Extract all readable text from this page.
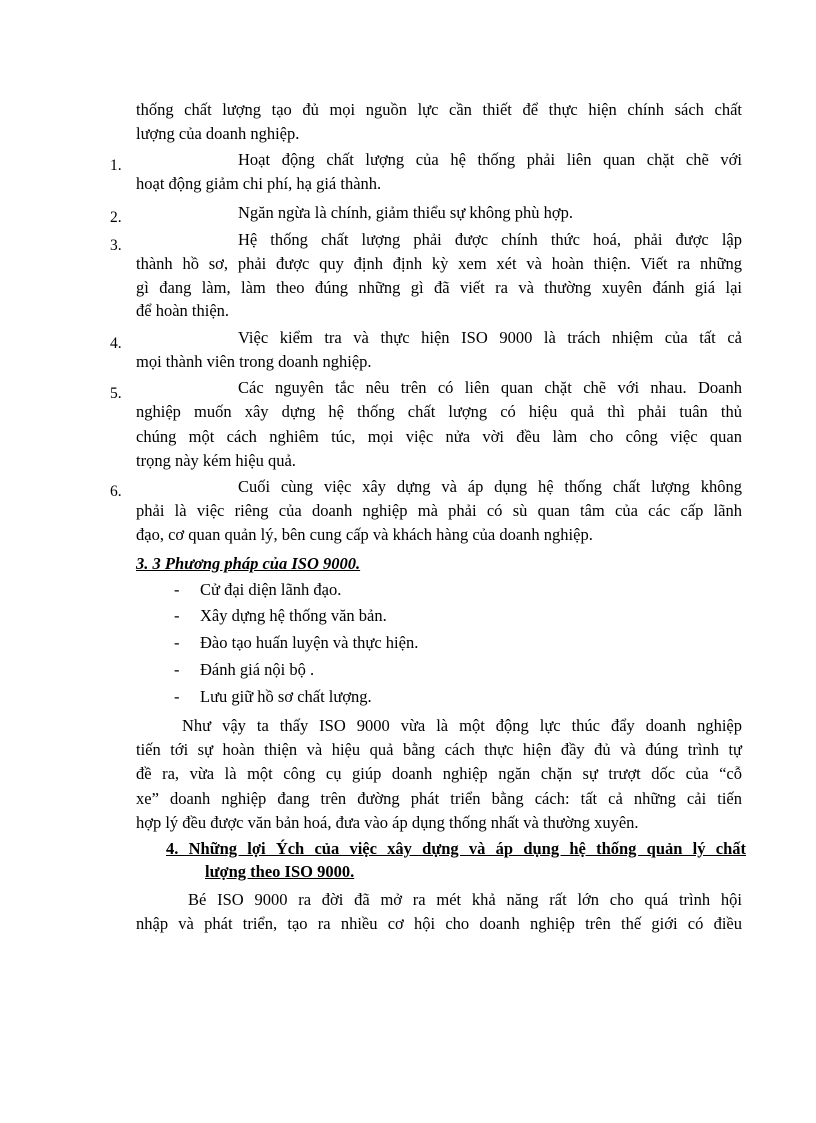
thống chất lượng tạo đủ mọi nguồn lực cần thiết để thực hiện chính sách chất
lượng của doanh nghiệp.
1.	Hoạt động chất lượng của hệ thống phải liên quan chặt chẽ với
hoạt động giảm chi phí, hạ giá thành.
2.	Ngăn ngừa là chính, giảm thiểu sự không phù hợp.
3.	Hệ thống chất lượng phải được chính thức hoá, phải được lập
thành hồ sơ, phải được quy định định kỳ xem xét và hoàn thiện. Viết ra những
gì đang làm, làm theo đúng những gì đã viết ra và thường xuyên đánh giá lại
để hoàn thiện.
4.	Việc kiểm tra và thực hiện ISO 9000 là trách nhiệm của tất cả
mọi thành viên trong doanh nghiệp.
5.	Các nguyên tắc nêu trên có liên quan chặt chẽ với nhau. Doanh
nghiệp muốn xây dựng hệ thống chất lượng có hiệu quả thì phải tuân thủ
chúng một cách nghiêm túc, mọi việc nửa vời đều làm cho công việc quan
trọng này kém hiệu quả.
6.	Cuối cùng việc xây dựng và áp dụng hệ thống chất lượng không
phải là việc riêng của doanh nghiệp mà phải có sù quan tâm của các cấp lãnh
đạo, cơ quan quản lý, bên cung cấp và khách hàng của doanh nghiệp.
3. 3 Phương pháp của ISO 9000.
- Cử đại diện lãnh đạo.
- Xây dựng hệ thống văn bản.
- Đào tạo huấn luyện và thực hiện.
- Đánh giá nội bộ .
- Lưu giữ hồ sơ chất lượng.
Như vậy ta thấy ISO 9000 vừa là một động lực thúc đẩy doanh nghiệp
tiến tới sự hoàn thiện và hiệu quả bằng cách thực hiện đầy đủ và đúng trình tự
đề ra, vừa là một công cụ giúp doanh nghiệp ngăn chặn sự trượt dốc của “cỗ
xe” doanh nghiệp đang trên đường phát triển bằng cách: tất cả những cải tiến
hợp lý đều được văn bản hoá, đưa vào áp dụng thống nhất và thường xuyên.
4. Những lợi Ých của việc xây dựng và áp dụng hệ thống quản lý chất
lượng theo ISO 9000.
Bé ISO 9000 ra đời đã mở ra mét khả năng rất lớn cho quá trình hội
nhập và phát triển, tạo ra nhiều cơ hội cho doanh nghiệp trên thế giới có điều
